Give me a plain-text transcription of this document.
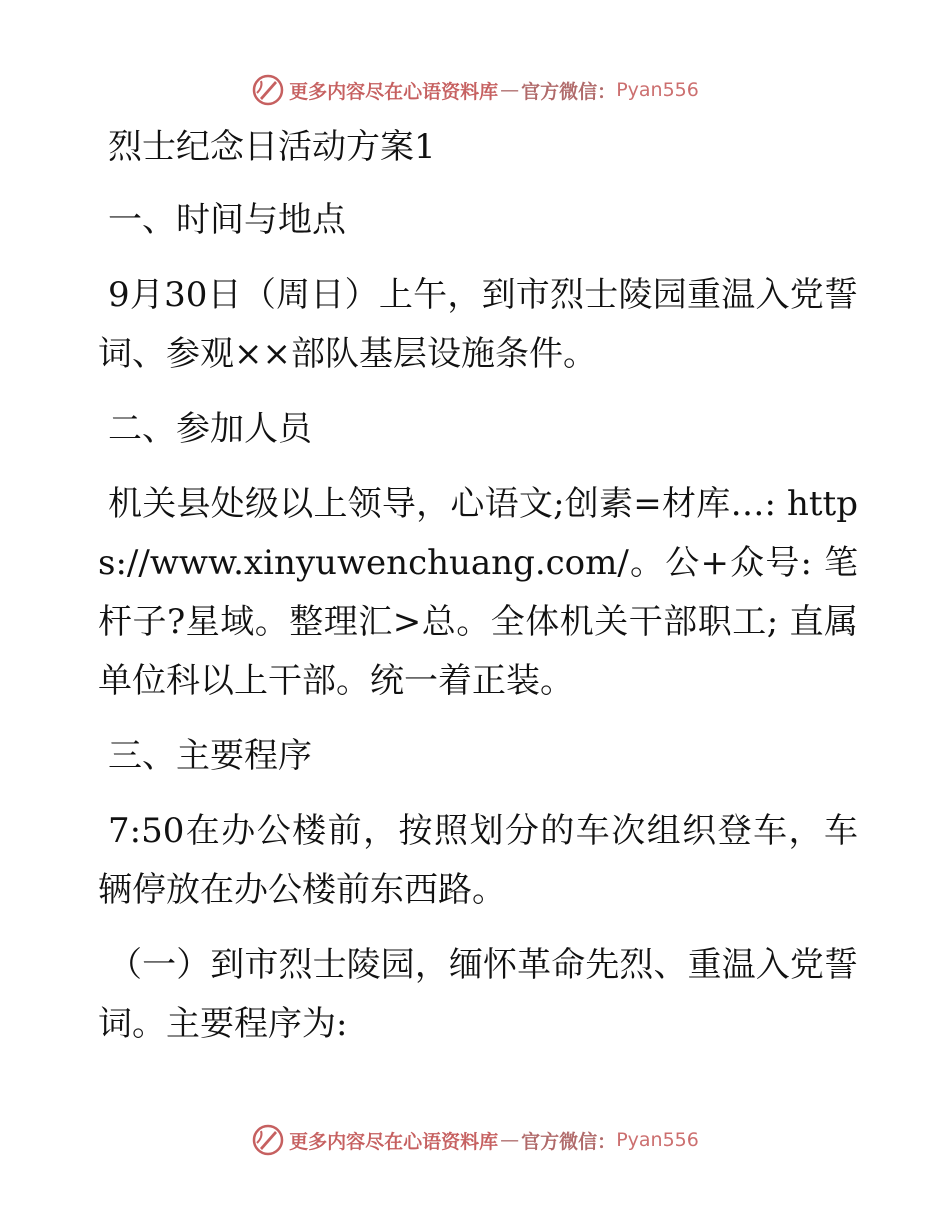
更多内容尽在心语资料库 — 官方微信： Pyan556

烈士纪念日活动方案1

一、时间与地点

9月30日（周日）上午，到市烈士陵园重温入党誓词、参观××部队基层设施条件。

二、参加人员

机关县处级以上领导，心语文;创素=材库…: https://www.xinyuwenchuang.com/。公+众号: 笔杆子?星域。整理汇>总。全体机关干部职工; 直属单位科以上干部。统一着正装。

三、主要程序

7:50在办公楼前，按照划分的车次组织登车，车辆停放在办公楼前东西路。

（一）到市烈士陵园，缅怀革命先烈、重温入党誓词。主要程序为:

更多内容尽在心语资料库 — 官方微信： Pyan556
